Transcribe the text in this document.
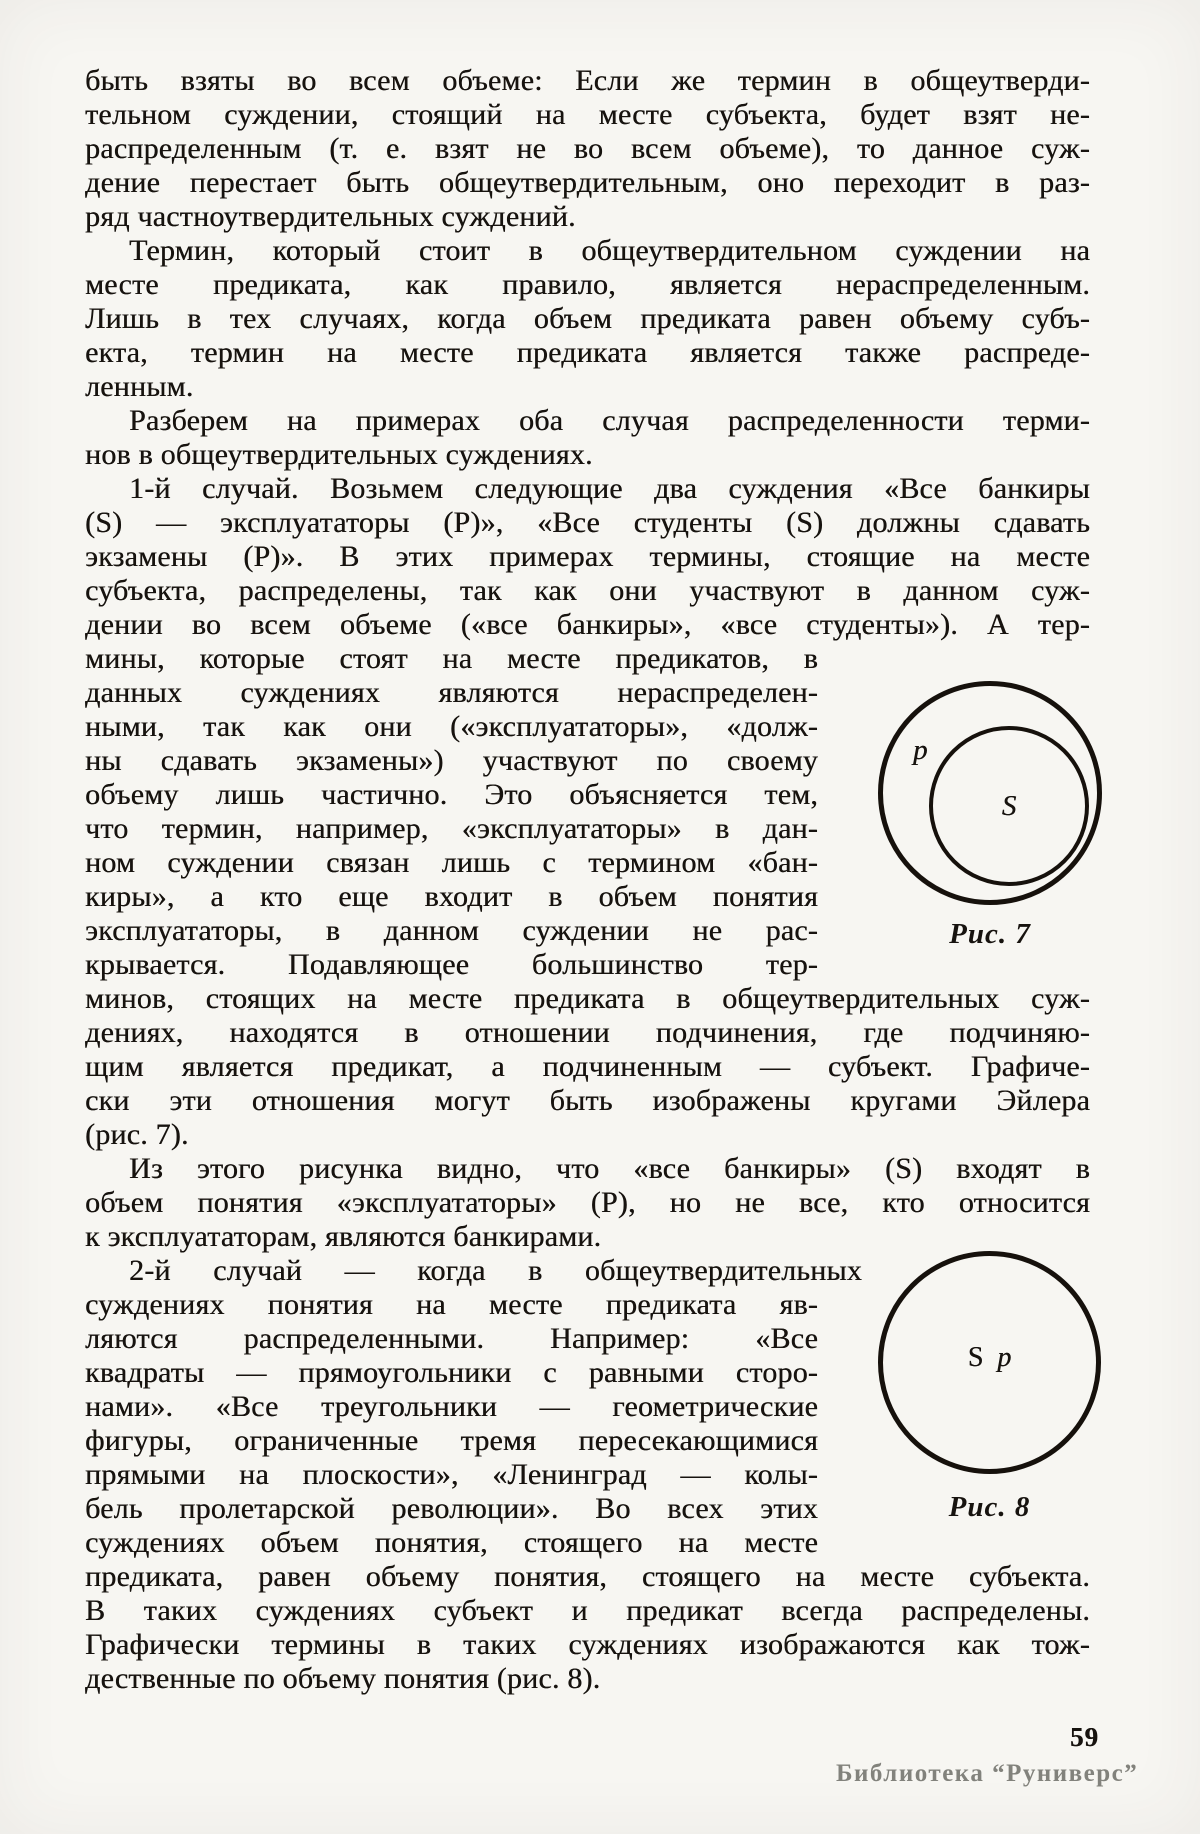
быть взяты во всем объеме: Если же термин в общеутверди-
тельном суждении, стоящий на месте субъекта, будет взят не-
распределенным (т. е. взят не во всем объеме), то данное суж-
дение перестает быть общеутвердительным, оно переходит в раз-
ряд частноутвердительных суждений.
Термин, который стоит в общеутвердительном суждении на
месте предиката, как правило, является нераспределенным.
Лишь в тех случаях, когда объем предиката равен объему субъ-
екта, термин на месте предиката является также распреде-
ленным.
Разберем на примерах оба случая распределенности терми-
нов в общеутвердительных суждениях.
1-й случай. Возьмем следующие два суждения «Все банкиры
(S) — эксплуататоры (P)», «Все студенты (S) должны сдавать
экзамены (P)». В этих примерах термины, стоящие на месте
субъекта, распределены, так как они участвуют в данном суж-
дении во всем объеме («все банкиры», «все студенты»). А тер-
мины, которые стоят на месте предикатов, в
данных суждениях являются нераспределен-
ными, так как они («эксплуататоры», «долж-
ны сдавать экзамены») участвуют по своему
объему лишь частично. Это объясняется тем,
что термин, например, «эксплуататоры» в дан-
ном суждении связан лишь с термином «бан-
киры», а кто еще входит в объем понятия
эксплуататоры, в данном суждении не рас-
крывается. Подавляющее большинство тер-
минов, стоящих на месте предиката в общеутвердительных суж-
дениях, находятся в отношении подчинения, где подчиняю-
щим является предикат, а подчиненным — субъект. Графиче-
ски эти отношения могут быть изображены кругами Эйлера
(рис. 7).
Из этого рисунка видно, что «все банкиры» (S) входят в
объем понятия «эксплуататоры» (P), но не все, кто относится
к эксплуататорам, являются банкирами.
2-й случай — когда в общеутвердительных
суждениях понятия на месте предиката яв-
ляются распределенными. Например: «Все
квадраты — прямоугольники с равными сторо-
нами». «Все треугольники — геометрические
фигуры, ограниченные тремя пересекающимися
прямыми на плоскости», «Ленинград — колы-
бель пролетарской революции». Во всех этих
суждениях объем понятия, стоящего на месте
предиката, равен объему понятия, стоящего на месте субъекта.
В таких суждениях субъект и предикат всегда распределены.
Графически термины в таких суждениях изображаются как тож-
дественные по объему понятия (рис. 8).
p
S
Рис. 7
S p
Рис. 8
59
Библиотека “Руниверс”
